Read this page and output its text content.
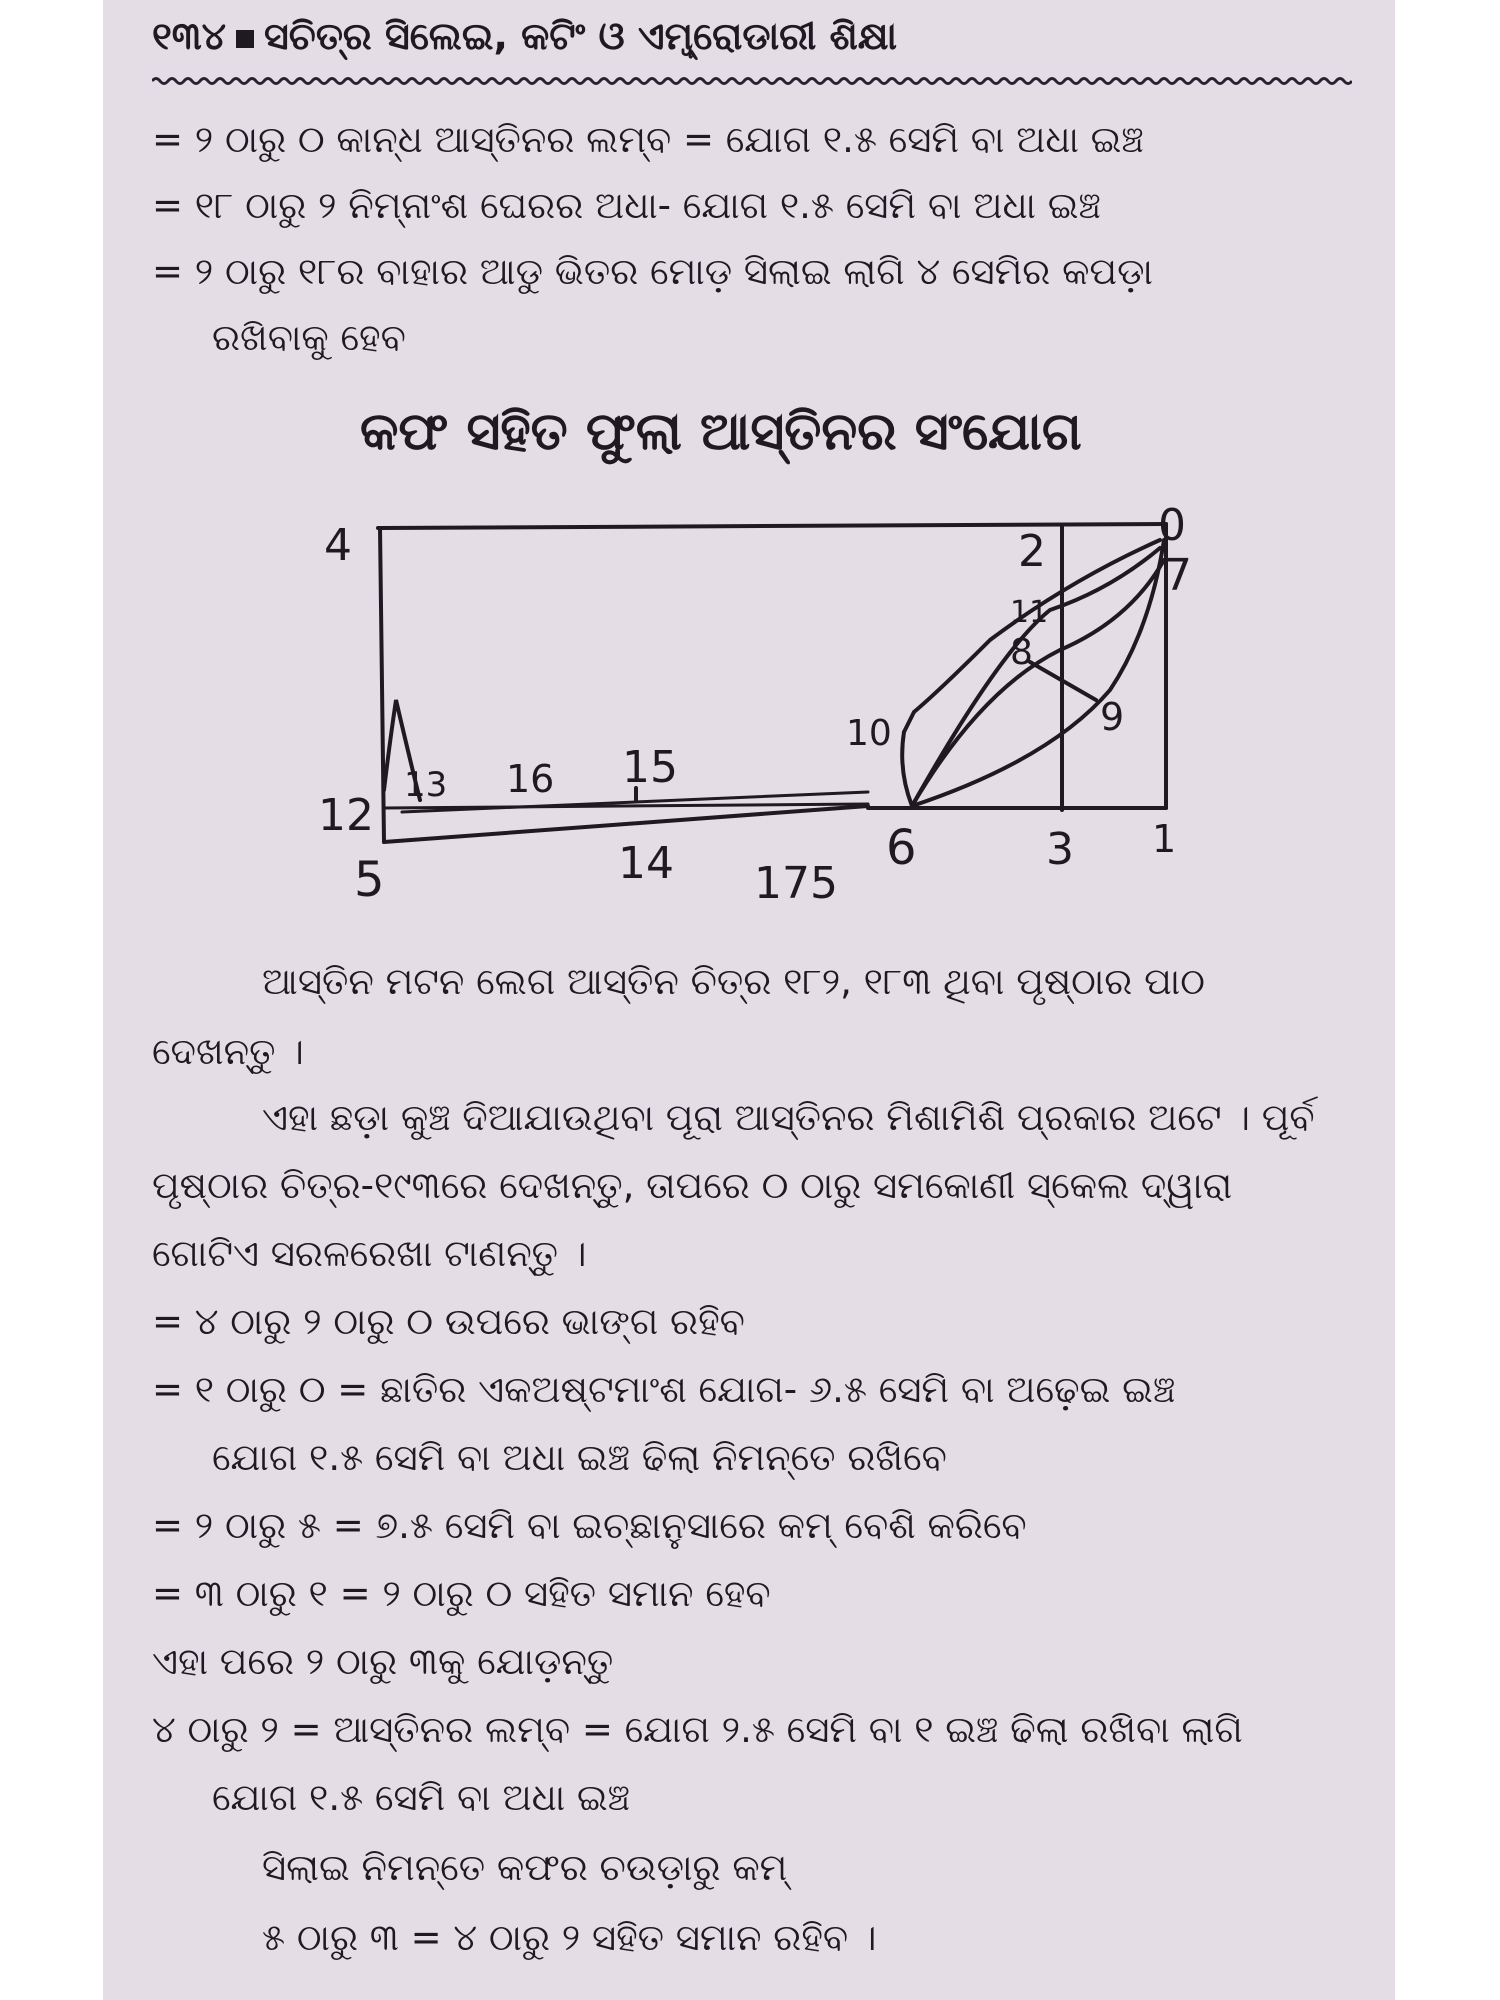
୧୩୪ ସଚିତ୍ର ସିଲେଇ, କଟିଂ ଓ ଏମ୍ବ୍ରୋଡାରୀ ଶିକ୍ଷା
= ୨ ଠାରୁ ୦ କାନ୍ଧ ଆସ୍ତିନର ଲମ୍ବ = ଯୋଗ ୧.୫ ସେମି ବା ଅଧା ଇଞ୍ଚ
= ୧୮ ଠାରୁ ୨ ନିମ୍ନାଂଶ ଘେରର ଅଧା- ଯୋଗ ୧.୫ ସେମି ବା ଅଧା ଇଞ୍ଚ
= ୨ ଠାରୁ ୧୮ର ବାହାର ଆଡୁ ଭିତର ମୋଡ଼ ସିଲାଇ ଲାଗି ୪ ସେମିର କପଡ଼ା
ରଖିବାକୁ ହେବ
କଫ ସହିତ ଫୁଲା ଆସ୍ତିନର ସଂଯୋଗ
4	0
2	7
11
8
9
10
12
13 16 15
5	14 175
6	3 1
ଆସ୍ତିନ ମଟନ ଲେଗ ଆସ୍ତିନ ଚିତ୍ର ୧୮୨, ୧୮୩ ଥିବା ପୃଷ୍ଠାର ପାଠ
ଦେଖନ୍ତୁ ।
ଏହା ଛଡ଼ା କୁଞ୍ଚ ଦିଆଯାଉଥିବା ପୂରା ଆସ୍ତିନର ମିଶାମିଶି ପ୍ରକାର ଅଟେ । ପୂର୍ବ
ପୃଷ୍ଠାର ଚିତ୍ର-୧୯୩ରେ ଦେଖନ୍ତୁ, ତାପରେ ୦ ଠାରୁ ସମକୋଣୀ ସ୍କେଲ ଦ୍ୱାରା
ଗୋଟିଏ ସରଳରେଖା ଟାଣନ୍ତୁ ।
= ୪ ଠାରୁ ୨ ଠାରୁ ୦ ଉପରେ ଭାଙ୍ଗ ରହିବ
= ୧ ଠାରୁ ୦ = ଛାତିର ଏକଅଷ୍ଟମାଂଶ ଯୋଗ- ୬.୫ ସେମି ବା ଅଢ଼େଇ ଇଞ୍ଚ
ଯୋଗ ୧.୫ ସେମି ବା ଅଧା ଇଞ୍ଚ ଢିଲା ନିମନ୍ତେ ରଖିବେ
= ୨ ଠାରୁ ୫ = ୭.୫ ସେମି ବା ଇଚ୍ଛାନୁସାରେ କମ୍ ବେଶି କରିବେ
= ୩ ଠାରୁ ୧ = ୨ ଠାରୁ ୦ ସହିତ ସମାନ ହେବ
ଏହା ପରେ ୨ ଠାରୁ ୩କୁ ଯୋଡ଼ନ୍ତୁ
୪ ଠାରୁ ୨ = ଆସ୍ତିନର ଲମ୍ବ = ଯୋଗ ୨.୫ ସେମି ବା ୧ ଇଞ୍ଚ ଢିଲା ରଖିବା ଲାଗି
ଯୋଗ ୧.୫ ସେମି ବା ଅଧା ଇଞ୍ଚ
ସିଲାଇ ନିମନ୍ତେ କଫର ଚଉଡ଼ାରୁ କମ୍
୫ ଠାରୁ ୩ = ୪ ଠାରୁ ୨ ସହିତ ସମାନ ରହିବ ।
